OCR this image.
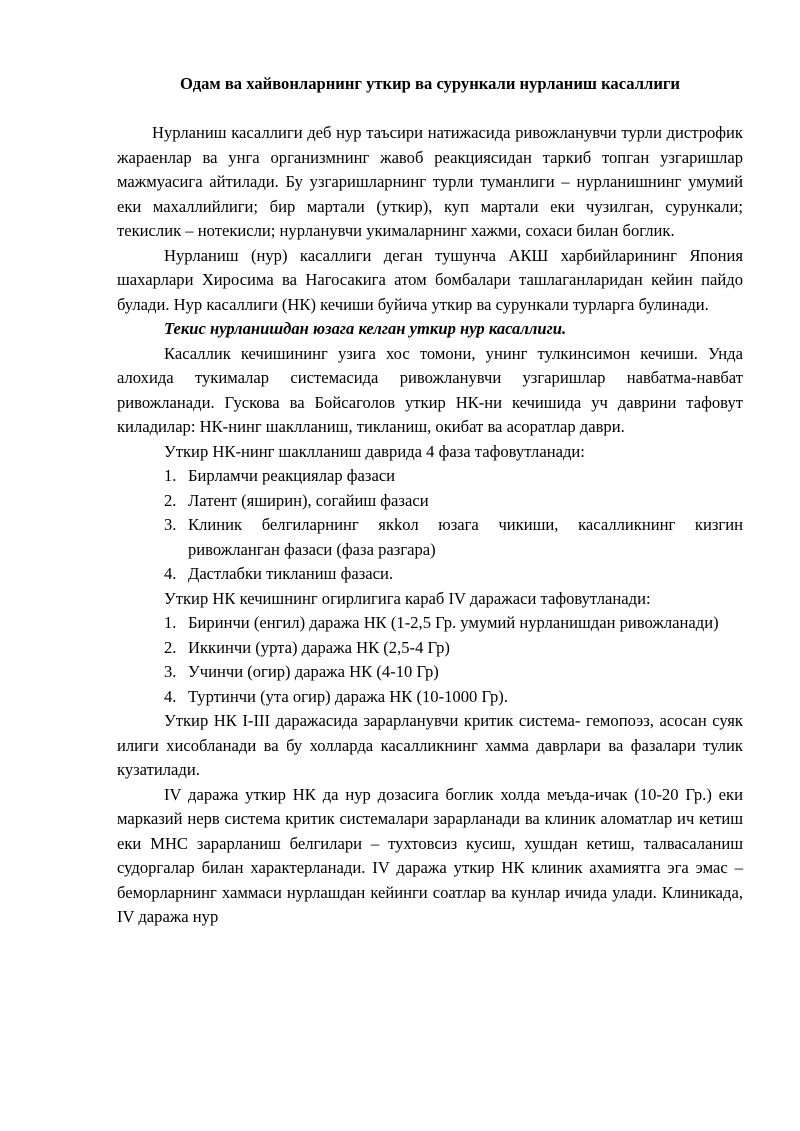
Одам ва хайвонларнинг уткир ва сурункали нурланиш касаллиги

Нурланиш касаллиги деб нур таъсири натижасида ривожланувчи турли дистрофик жараенлар ва унга организмнинг жавоб реакциясидан таркиб топган узгаришлар мажмуасига айтилади. Бу узгаришларнинг турли туманлиги – нурланишнинг умумий еки махаллийлиги; бир мартали (уткир), куп мартали еки чузилган, сурункали; текислик – нотекисли; нурланувчи укималарнинг хажми, сохаси билан боглик.

Нурланиш (нур) касаллиги деган тушунча АКШ харбийларининг Япония шахарлари Хиросима ва Нагосакига атом бомбалари ташлаганларидан кейин пайдо булади. Нур касаллиги (НК) кечиши буйича уткир ва сурункали турларга булинади.

Текис нурланишдан юзага келган уткир нур касаллиги.

Касаллик кечишининг узига хос томони, унинг тулкинсимон кечиши. Унда алохида тукималар системасида ривожланувчи узгаришлар навбатма-навбат ривожланади. Гускова ва Бойсаголов уткир НК-ни кечишида уч даврини тафовут киладилар: НК-нинг шаклланиш, тикланиш, окибат ва асоратлар даври.

Уткир НК-нинг шаклланиш даврида 4 фаза тафовутланади:

1. Бирламчи реакциялар фазаси
2. Латент (яширин), согайиш фазаси
3. Клиник белгиларнинг якkол юзага чикиши, касалликнинг кизгин ривожланган фазаси (фаза разгара)
4. Дастлабки тикланиш фазаси.

Уткир НК кечишнинг огирлигига караб IV даражаси тафовутланади:

1. Биринчи (енгил) даража НК (1-2,5 Гр. умумий нурланишдан ривожланади)
2. Иккинчи (урта) даража НК (2,5-4 Гр)
3. Учинчи (огир) даража НК (4-10 Гр)
4. Туртинчи (ута огир) даража НК (10-1000 Гр).

Уткир НК I-III даражасида зарарланувчи критик система- гемопоэз, асосан суяк илиги хисобланади ва бу холларда касалликнинг хамма даврлари ва фазалари тулик кузатилади.

IV даража уткир НК да нур дозасига боглик холда меъда-ичак (10-20 Гр.) еки марказий нерв система критик системалари зарарланади ва клиник аломатлар ич кетиш еки МНС зарарланиш белгилари – тухтовсиз кусиш, хушдан кетиш, талвасаланиш судоргалар билан характерланади. IV даража уткир НК клиник ахамиятга эга эмас – беморларнинг хаммаси нурлашдан кейинги соатлар ва кунлар ичида улади. Клиникада, IV даража нур
